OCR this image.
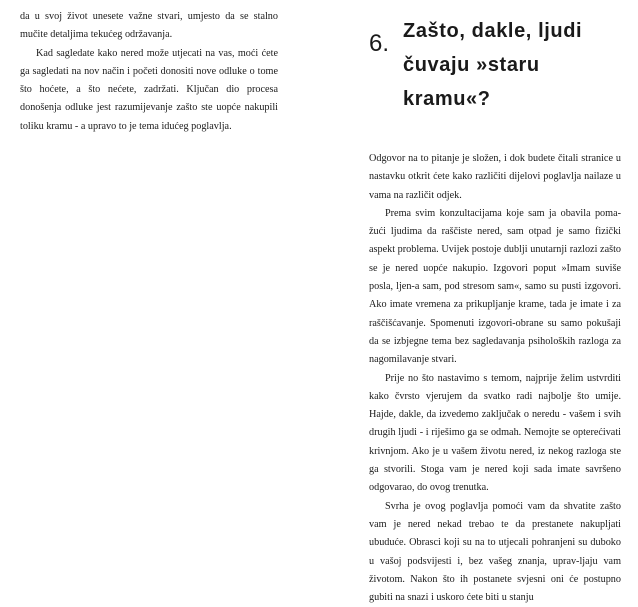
da u svoj život unesete važne stvari, umjesto da se stalno mučite detaljima tekućeg održavanja.

Kad sagledate kako nered može utjecati na vas, moći ćete ga sagledati na nov način i početi donositi nove odluke o tome što hoćete, a što nećete, zadržati. Ključan dio procesa donošenja odluke jest razumijevanje zašto ste uopće nakupili toliku kramu - a upravo to je tema idućeg poglavlja.

6. Zašto, dakle, ljudi
čuvaju »staru
kramu«?

Odgovor na to pitanje je složen, i dok budete čitali stranice u nastavku otkrit ćete kako različiti dijelovi poglavlja nailaze u vama na različit odjek.

Prema svim konzultacijama koje sam ja obavila poma-žući ljudima da raščiste nered, sam otpad je samo fizički aspekt problema. Uvijek postoje dublji unutarnji razlozi zašto se je nered uopće nakupio. Izgovori poput »Imam suviše posla, ljen-a sam, pod stresom sam«, samo su pusti izgovori. Ako imate vremena za prikupljanje krame, tada je imate i za raščišćavanje. Spomenuti izgovori-obrane su samo pokušaji da se izbjegne tema bez sagledavanja psiholoških razloga za nagomilavanje stvari.

Prije no što nastavimo s temom, najprije želim ustvrditi kako čvrsto vjerujem da svatko radi najbolje što umije. Hajde, dakle, da izvedemo zaključak o neredu - vašem i svih drugih ljudi - i riješimo ga se odmah. Nemojte se opterećivati krivnjom. Ako je u vašem životu nered, iz nekog razloga ste ga stvorili. Stoga vam je nered koji sada imate savršeno odgovarao, do ovog trenutka.

Svrha je ovog poglavlja pomoći vam da shvatite zašto vam je nered nekad trebao te da prestanete nakupljati ubuduće. Obrasci koji su na to utjecali pohranjeni su duboko u vašoj podsvijesti i, bez vašeg znanja, uprav-ljaju vam životom. Nakon što ih postanete svjesni oni će postupno gubiti na snazi i uskoro ćete biti u stanju
